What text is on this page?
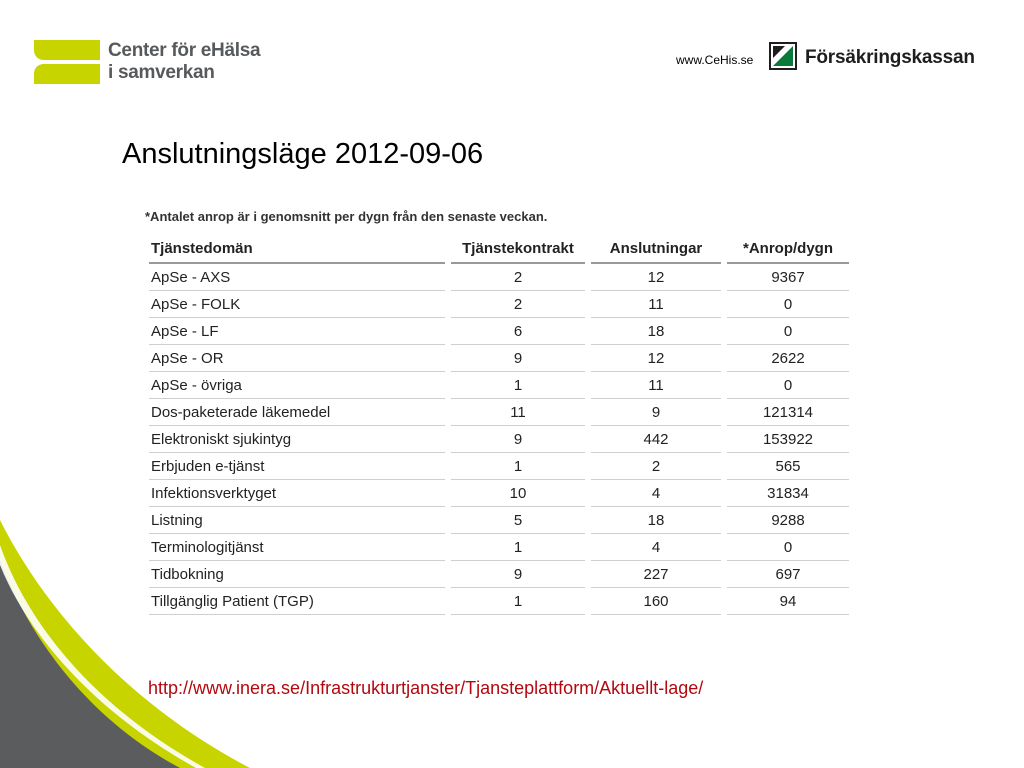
Center för eHälsa
i samverkan
www.CeHis.se	Försäkringskassan
Anslutningsläge 2012-09-06
*Antalet anrop är i genomsnitt per dygn från den senaste veckan.
Tjänstedomän	Tjänstekontrakt	Anslutningar	*Anrop/dygn
ApSe - AXS	2	12	9367
ApSe - FOLK	2	11	0
ApSe - LF	6	18	0
ApSe - OR	9	12	2622
ApSe - övriga	1	11	0
Dos-paketerade läkemedel	11	9	121314
Elektroniskt sjukintyg	9	442	153922
Erbjuden e-tjänst	1	2	565
Infektionsverktyget	10	4	31834
Listning	5	18	9288
Terminologitjänst	1	4	0
Tidbokning	9	227	697
Tillgänglig Patient (TGP)	1	160	94
http://www.inera.se/Infrastrukturtjanster/Tjansteplattform/Aktuellt-lage/
